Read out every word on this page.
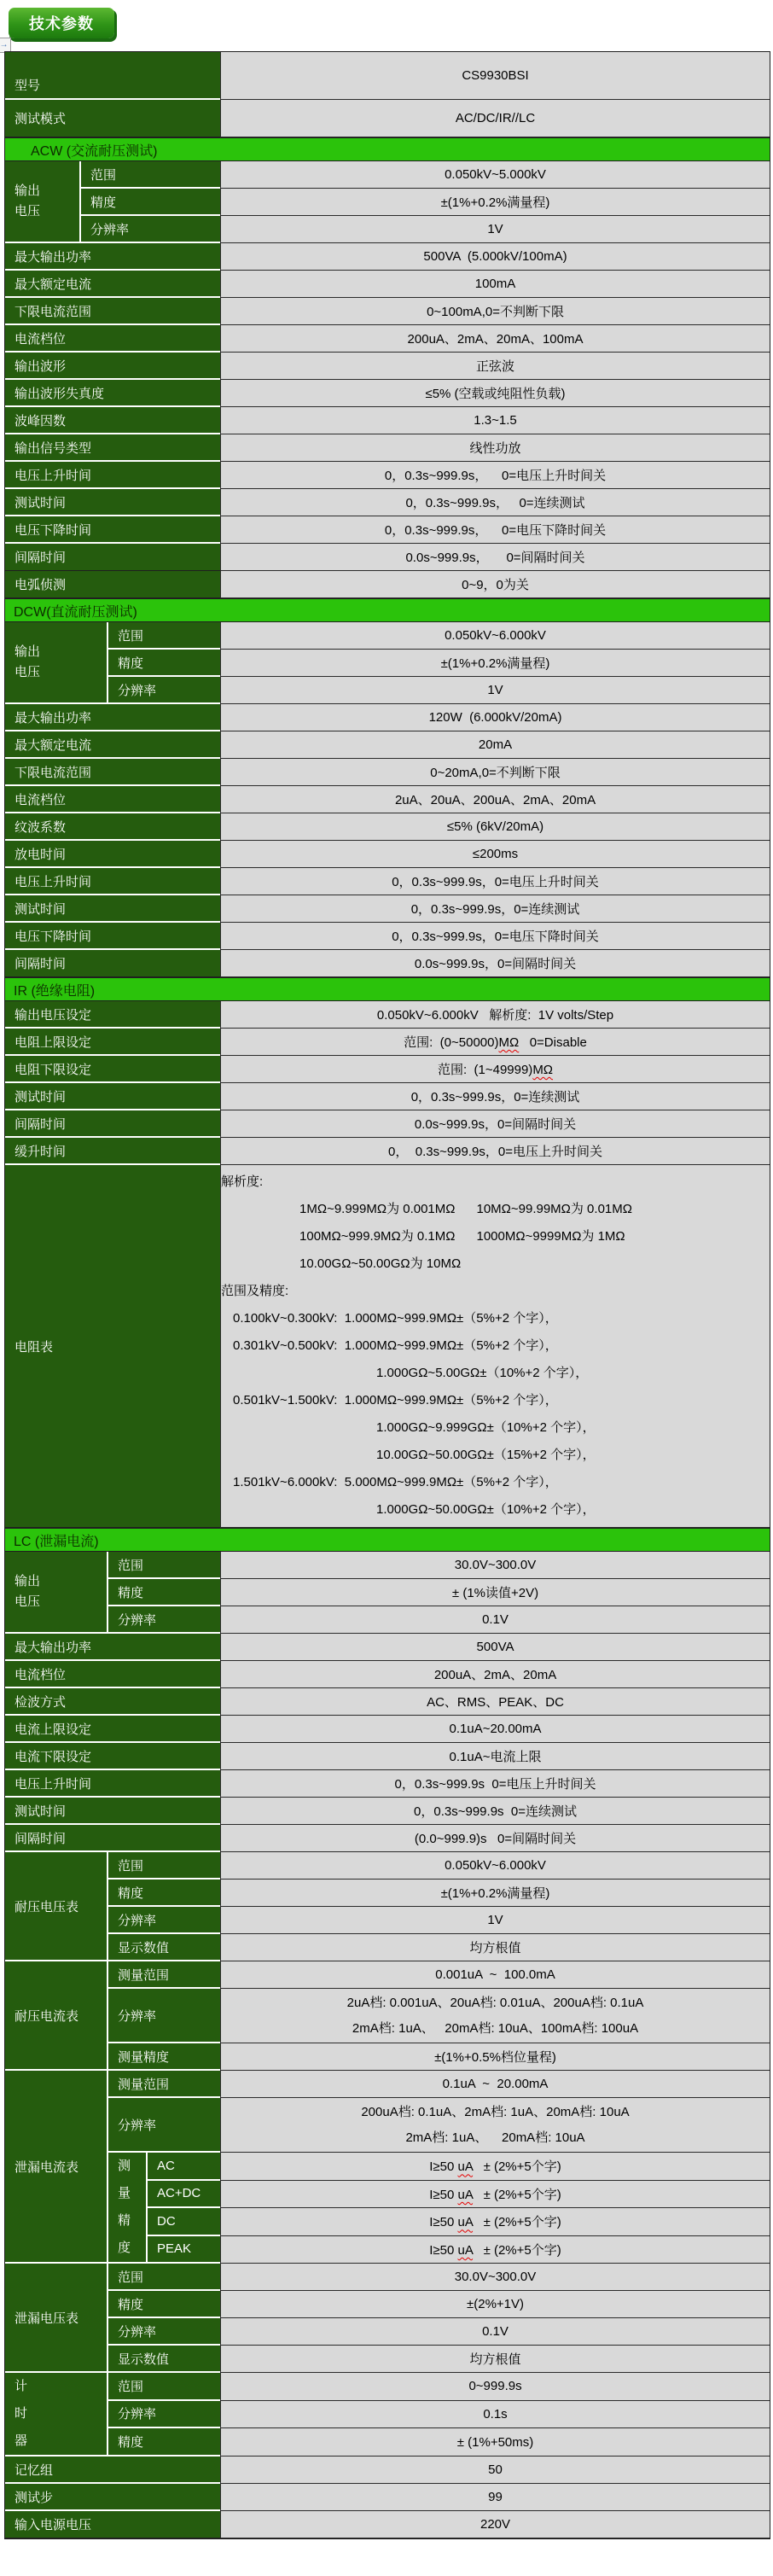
技术参数
→
型号				CS9930BSI
测试模式				AC/DC/IR//LC
ACW (交流耐压测试)				

输出
电压	范围			0.050kV~5.000kV
	精度			±(1%+0.2%满量程)
	分辨率			1V
最大输出功率				500VA  (5.000kV/100mA)
最大额定电流				100mA
下限电流范围				0~100mA,0=不判断下限
电流档位				200uA、2mA、20mA、100mA
输出波形				正弦波
输出波形失真度				≤5% (空载或纯阻性负载)
波峰因数				1.3~1.5
输出信号类型				线性功放
电压上升时间				0，0.3s~999.9s，    0=电压上升时间关
测试时间				0，0.3s~999.9s，   0=连续测试
电压下降时间				0，0.3s~999.9s，    0=电压下降时间关
间隔时间				0.0s~999.9s，     0=间隔时间关
电弧侦测				0~9，0为关
DCW(直流耐压测试)				

输出
电压		范围		0.050kV~6.000kV
		精度		±(1%+0.2%满量程)
		分辨率		1V
最大输出功率				120W  (6.000kV/20mA)
最大额定电流				20mA
下限电流范围				0~20mA,0=不判断下限
电流档位				2uA、20uA、200uA、2mA、20mA
纹波系数				≤5% (6kV/20mA)
放电时间				≤200ms
电压上升时间				0，0.3s~999.9s，0=电压上升时间关
测试时间				0，0.3s~999.9s，0=连续测试
电压下降时间				0，0.3s~999.9s，0=电压下降时间关
间隔时间				0.0s~999.9s，0=间隔时间关
IR (绝缘电阻)				
输出电压设定				0.050kV~6.000kV   解析度:  1V volts/Step
电阻上限设定				范围:  (0~50000)MΩ   0=Disable
电阻下限设定				范围:  (1~49999)MΩ
测试时间				0，0.3s~999.9s，0=连续测试
间隔时间				0.0s~999.9s，0=间隔时间关
缓升时间				0，  0.3s~999.9s，0=电压上升时间关
电阻表	
解析度:
1MΩ~9.999MΩ为 0.001MΩ      10MΩ~99.99MΩ为 0.01MΩ
100MΩ~999.9MΩ为 0.1MΩ      1000MΩ~9999MΩ为 1MΩ
10.00GΩ~50.00GΩ为 10MΩ
范围及精度:
0.100kV~0.300kV:  1.000MΩ~999.9MΩ±（5%+2 个字），
0.301kV~0.500kV:  1.000MΩ~999.9MΩ±（5%+2 个字），
1.000GΩ~5.00GΩ±（10%+2 个字），
0.501kV~1.500kV:  1.000MΩ~999.9MΩ±（5%+2 个字），
1.000GΩ~9.999GΩ±（10%+2 个字），
10.00GΩ~50.00GΩ±（15%+2 个字），
1.501kV~6.000kV:  5.000MΩ~999.9MΩ±（5%+2 个字），
1.000GΩ~50.00GΩ±（10%+2 个字），

LC (泄漏电流)				

输出
电压		范围		30.0V~300.0V
		精度		± (1%读值+2V)
		分辨率		0.1V
最大输出功率				500VA
电流档位				200uA、2mA、20mA
检波方式				AC、RMS、PEAK、DC
电流上限设定				0.1uA~20.00mA
电流下限设定				0.1uA~电流上限
电压上升时间				0，0.3s~999.9s  0=电压上升时间关
测试时间				0，0.3s~999.9s  0=连续测试
间隔时间				(0.0~999.9)s   0=间隔时间关
耐压电压表		范围		0.050kV~6.000kV
		精度		±(1%+0.2%满量程)
		分辨率		1V
		显示数值		均方根值
耐压电流表		测量范围		0.001uA  ~  100.0mA
		分辨率		2uA档: 0.001uA、20uA档: 0.01uA、200uA档: 0.1uA
2mA档: 1uA、   20mA档: 10uA、100mA档: 100uA

		测量精度		±(1%+0.5%档位量程)
泄漏电流表		测量范围		0.1uA  ~  20.00mA
		分辨率		200uA档: 0.1uA、2mA档: 1uA、20mA档: 10uA
2mA档: 1uA、    20mA档: 10uA

		测
量
精
度	AC	I≥50 uA   ± (2%+5个字)
			AC+DC	I≥50 uA   ± (2%+5个字)
			DC	I≥50 uA   ± (2%+5个字)
			PEAK	I≥50 uA   ± (2%+5个字)
泄漏电压表		范围		30.0V~300.0V
		精度		±(2%+1V)
		分辨率		0.1V
		显示数值		均方根值

计
时
器		范围		0~999.9s
		分辨率		0.1s
		精度		± (1%+50ms)
记忆组				50
测试步				99
输入电源电压				220V
